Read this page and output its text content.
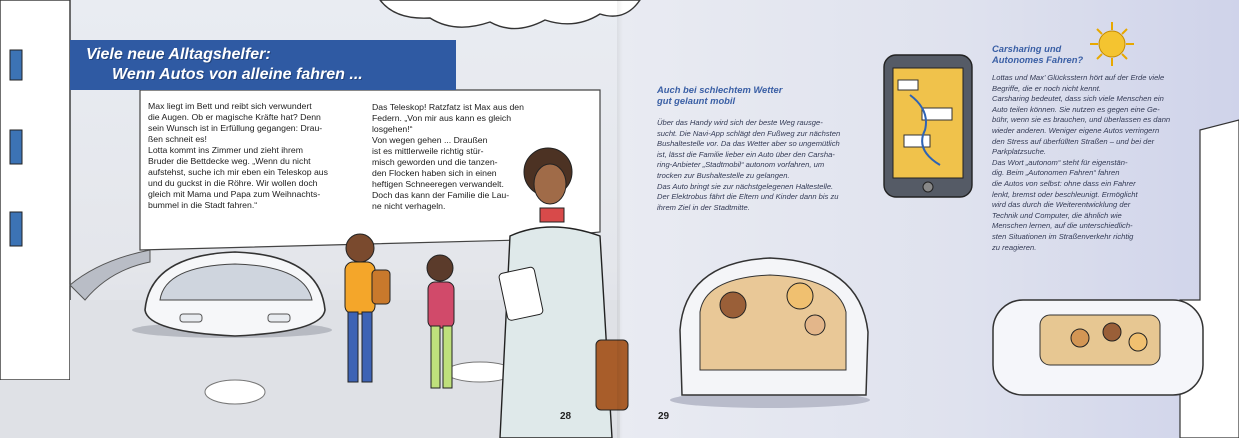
Viele neue Alltagshelfer:
Wenn Autos von alleine fahren ...

Max liegt im Bett und reibt sich verwundert
die Augen. Ob er magische Kräfte hat? Denn
sein Wunsch ist in Erfüllung gegangen: Drau-
ßen schneit es!
Lotta kommt ins Zimmer und zieht ihrem
Bruder die Bettdecke weg. „Wenn du nicht
aufstehst, suche ich mir eben ein Teleskop aus
und du guckst in die Röhre. Wir wollen doch
gleich mit Mama und Papa zum Weihnachts-
bummel in die Stadt fahren.“

Das Teleskop! Ratzfatz ist Max aus den
Federn. „Von mir aus kann es gleich
losgehen!“
Von wegen gehen ... Draußen
ist es mittlerweile richtig stür-
misch geworden und die tanzen-
den Flocken haben sich in einen
heftigen Schneeregen verwandelt.
Doch das kann der Familie die Lau-
ne nicht verhageln.

Auch bei schlechtem Wetter
gut gelaunt mobil

Über das Handy wird sich der beste Weg rausge-
sucht. Die Navi-App schlägt den Fußweg zur nächsten
Bushaltestelle vor. Da das Wetter aber so ungemütlich
ist, lässt die Familie lieber ein Auto über den Carsha-
ring-Anbieter „Stadtmobil“ autonom vorfahren, um
trocken zur Bushaltestelle zu gelangen.
Das Auto bringt sie zur nächstgelegenen Haltestelle.
Der Elektrobus fährt die Eltern und Kinder dann bis zu
ihrem Ziel in der Stadtmitte.

Carsharing und
Autonomes Fahren?

Lottas und Max’ Glücksstern hört auf der Erde viele
Begriffe, die er noch nicht kennt.
Carsharing bedeutet, dass sich viele Menschen ein
Auto teilen können. Sie nutzen es gegen eine Ge-
bühr, wenn sie es brauchen, und überlassen es dann
wieder anderen. Weniger eigene Autos verringern
den Stress auf überfüllten Straßen – und bei der
Parkplatzsuche.
Das Wort „autonom“ steht für eigenstän-
dig. Beim „Autonomen Fahren“ fahren
die Autos von selbst: ohne dass ein Fahrer
lenkt, bremst oder beschleunigt. Ermöglicht
wird das durch die Weiterentwicklung der
Technik und Computer, die ähnlich wie
Menschen lernen, auf die unterschiedlich-
sten Situationen im Straßenverkehr richtig
zu reagieren.

28	29
